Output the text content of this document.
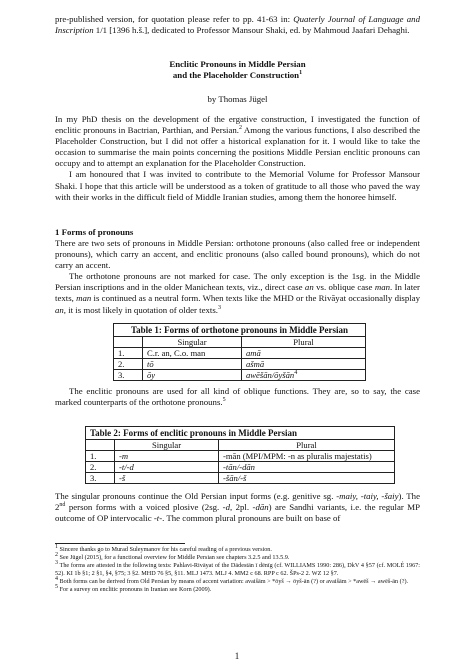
pre-published version, for quotation please refer to pp. 41-63 in: Quaterly Journal of Language and Inscription 1/1 [1396 h.š.], dedicated to Professor Mansour Shaki, ed. by Mahmoud Jaafari Dehaghi.
Enclitic Pronouns in Middle Persian
and the Placeholder Construction$^1$
by Thomas Jügel

In my PhD thesis on the development of the ergative construction, I investigated the function of enclitic pronouns in Bactrian, Parthian, and Persian.$^2$ Among the various functions, I also described the Placeholder Construction, but I did not offer a historical explanation for it. I would like to take the occasion to summarise the main points concerning the positions Middle Persian enclitic pronouns can occupy and to attempt an explanation for the Placeholder Construction.

I am honoured that I was invited to contribute to the Memorial Volume for Professor Mansour Shaki. I hope that this article will be understood as a token of gratitude to all those who paved the way with their works in the difficult field of Middle Iranian studies, among them the honoree himself.

1 Forms of pronouns

There are two sets of pronouns in Middle Persian: orthotone pronouns (also called free or independent pronouns), which carry an accent, and enclitic pronouns (also called bound pronouns), which do not carry an accent.

The orthotone pronouns are not marked for case. The only exception is the 1sg. in the Middle Persian inscriptions and in the older Manichean texts, viz., direct case an vs. oblique case man. In later texts, man is continued as a neutral form. When texts like the MHD or the Rivāyat occasionally display an, it is most likely in quotation of older texts.$^3$

Table 1: Forms of orthotone pronouns in Middle Persian		
	Singular	Plural
1.	C.r. an, C.o. man	amā
2.	tō	ašmā
3.	ōy	awēšān/ōyšān$^4$
The enclitic pronouns are used for all kind of oblique functions. They are, so to say, the case marked counterparts of the orthotone pronouns.$^5$
Table 2: Forms of enclitic pronouns in Middle Persian		
	Singular	Plural
1.	-m	-mān (MPI/MPM: -n as pluralis majestatis)
2.	-t/-d	-tān/-dān
3.	-š	-šān/-š
The singular pronouns continue the Old Persian input forms (e.g. genitive sg. -maiy, -taiy, -šaiy). The 2nd person forms with a voiced plosive (2sg. -d, 2pl. -dān) are Sandhi variants, i.e. the regular MP outcome of OP intervocalic -t-. The common plural pronouns are built on base of
$^1$ Sincere thanks go to Murad Suleymanov for his careful reading of a previous version.
$^2$ See Jügel (2015), for a functional overview for Middle Persian see chapters 3.2.5 and 13.5.9.
$^3$ The forms are attested in the following texts: Pahlavi-Rivāyat of the Dādestān ī dēnīg (cf. WILLIAMS 1990: 286), DkV 4 §57 (cf. MOLÉ 1967: 52). KI 1b §1; 2 §1, §4, §75; 3 §2. MHD 76 §5, §11. MLJ 1473. MLJ 4. MM2 c 68. RPP c 62. ŠPs-2 2. WZ 12 §7.
$^4$ Both forms can be derived from Old Persian by means of accent variation: avaišām > *ōyš → ōyš-ān (?) or avaišām > *awēš → awēš-ān (?).
$^5$ For a survey on enclitic pronouns in Iranian see Korn (2009).
1
